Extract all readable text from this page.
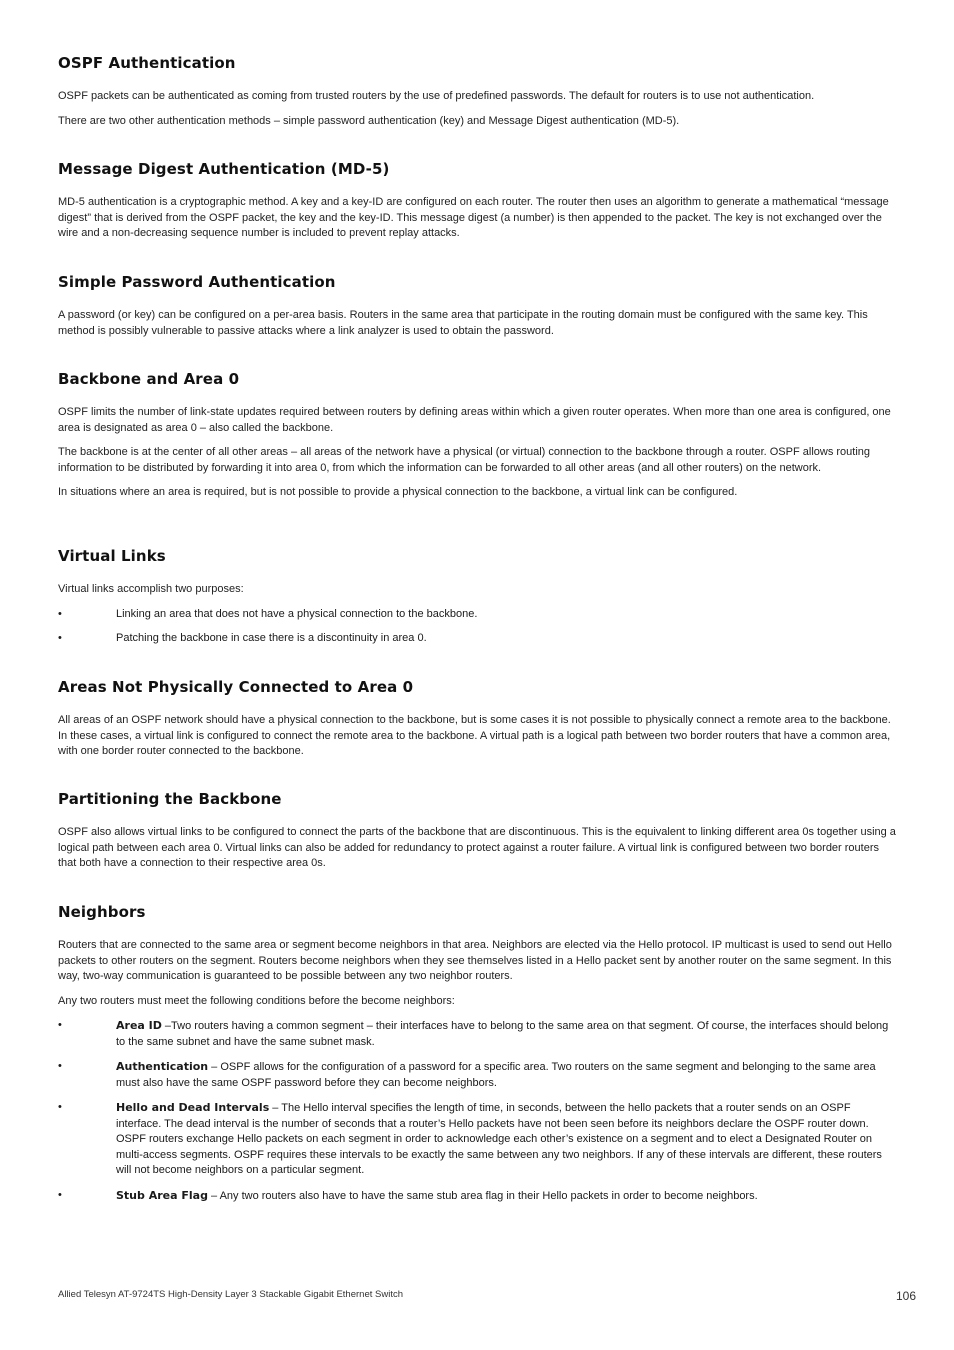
OSPF Authentication

OSPF packets can be authenticated as coming from trusted routers by the use of predefined passwords. The default for routers is to use not authentication.

There are two other authentication methods – simple password authentication (key) and Message Digest authentication (MD-5).

Message Digest Authentication (MD-5)

MD-5 authentication is a cryptographic method. A key and a key-ID are configured on each router. The router then uses an algorithm to generate a mathematical “message digest” that is derived from the OSPF packet, the key and the key-ID. This message digest (a number) is then appended to the packet. The key is not exchanged over the wire and a non-decreasing sequence number is included to prevent replay attacks.

Simple Password Authentication

A password (or key) can be configured on a per-area basis. Routers in the same area that participate in the routing domain must be configured with the same key. This method is possibly vulnerable to passive attacks where a link analyzer is used to obtain the password.

Backbone and Area 0

OSPF limits the number of link-state updates required between routers by defining areas within which a given router operates. When more than one area is configured, one area is designated as area 0 – also called the backbone.

The backbone is at the center of all other areas – all areas of the network have a physical (or virtual) connection to the backbone through a router. OSPF allows routing information to be distributed by forwarding it into area 0, from which the information can be forwarded to all other areas (and all other routers) on the network.

In situations where an area is required, but is not possible to provide a physical connection to the backbone, a virtual link can be configured.

Virtual Links

Virtual links accomplish two purposes:

•	Linking an area that does not have a physical connection to the backbone.
•	Patching the backbone in case there is a discontinuity in area 0.
Areas Not Physically Connected to Area 0

All areas of an OSPF network should have a physical connection to the backbone, but is some cases it is not possible to physically connect a remote area to the backbone. In these cases, a virtual link is configured to connect the remote area to the backbone. A virtual path is a logical path between two border routers that have a common area, with one border router connected to the backbone.

Partitioning the Backbone

OSPF also allows virtual links to be configured to connect the parts of the backbone that are discontinuous. This is the equivalent to linking different area 0s together using a logical path between each area 0. Virtual links can also be added for redundancy to protect against a router failure. A virtual link is configured between two border routers that both have a connection to their respective area 0s.

Neighbors

Routers that are connected to the same area or segment become neighbors in that area. Neighbors are elected via the Hello protocol. IP multicast is used to send out Hello packets to other routers on the segment. Routers become neighbors when they see themselves listed in a Hello packet sent by another router on the same segment. In this way, two-way communication is guaranteed to be possible between any two neighbor routers.

Any two routers must meet the following conditions before the become neighbors:

•	Area ID –Two routers having a common segment – their interfaces have to belong to the same area on that segment. Of course, the interfaces should belong to the same subnet and have the same subnet mask.
•	Authentication – OSPF allows for the configuration of a password for a specific area. Two routers on the same segment and belonging to the same area must also have the same OSPF password before they can become neighbors.
•	Hello and Dead Intervals – The Hello interval specifies the length of time, in seconds, between the hello packets that a router sends on an OSPF interface. The dead interval is the number of seconds that a router’s Hello packets have not been seen before its neighbors declare the OSPF router down. OSPF routers exchange Hello packets on each segment in order to acknowledge each other’s existence on a segment and to elect a Designated Router on multi-access segments. OSPF requires these intervals to be exactly the same between any two neighbors. If any of these intervals are different, these routers will not become neighbors on a particular segment.
•	Stub Area Flag – Any two routers also have to have the same stub area flag in their Hello packets in order to become neighbors.
Allied Telesyn AT-9724TS High-Density Layer 3 Stackable Gigabit Ethernet Switch	106
